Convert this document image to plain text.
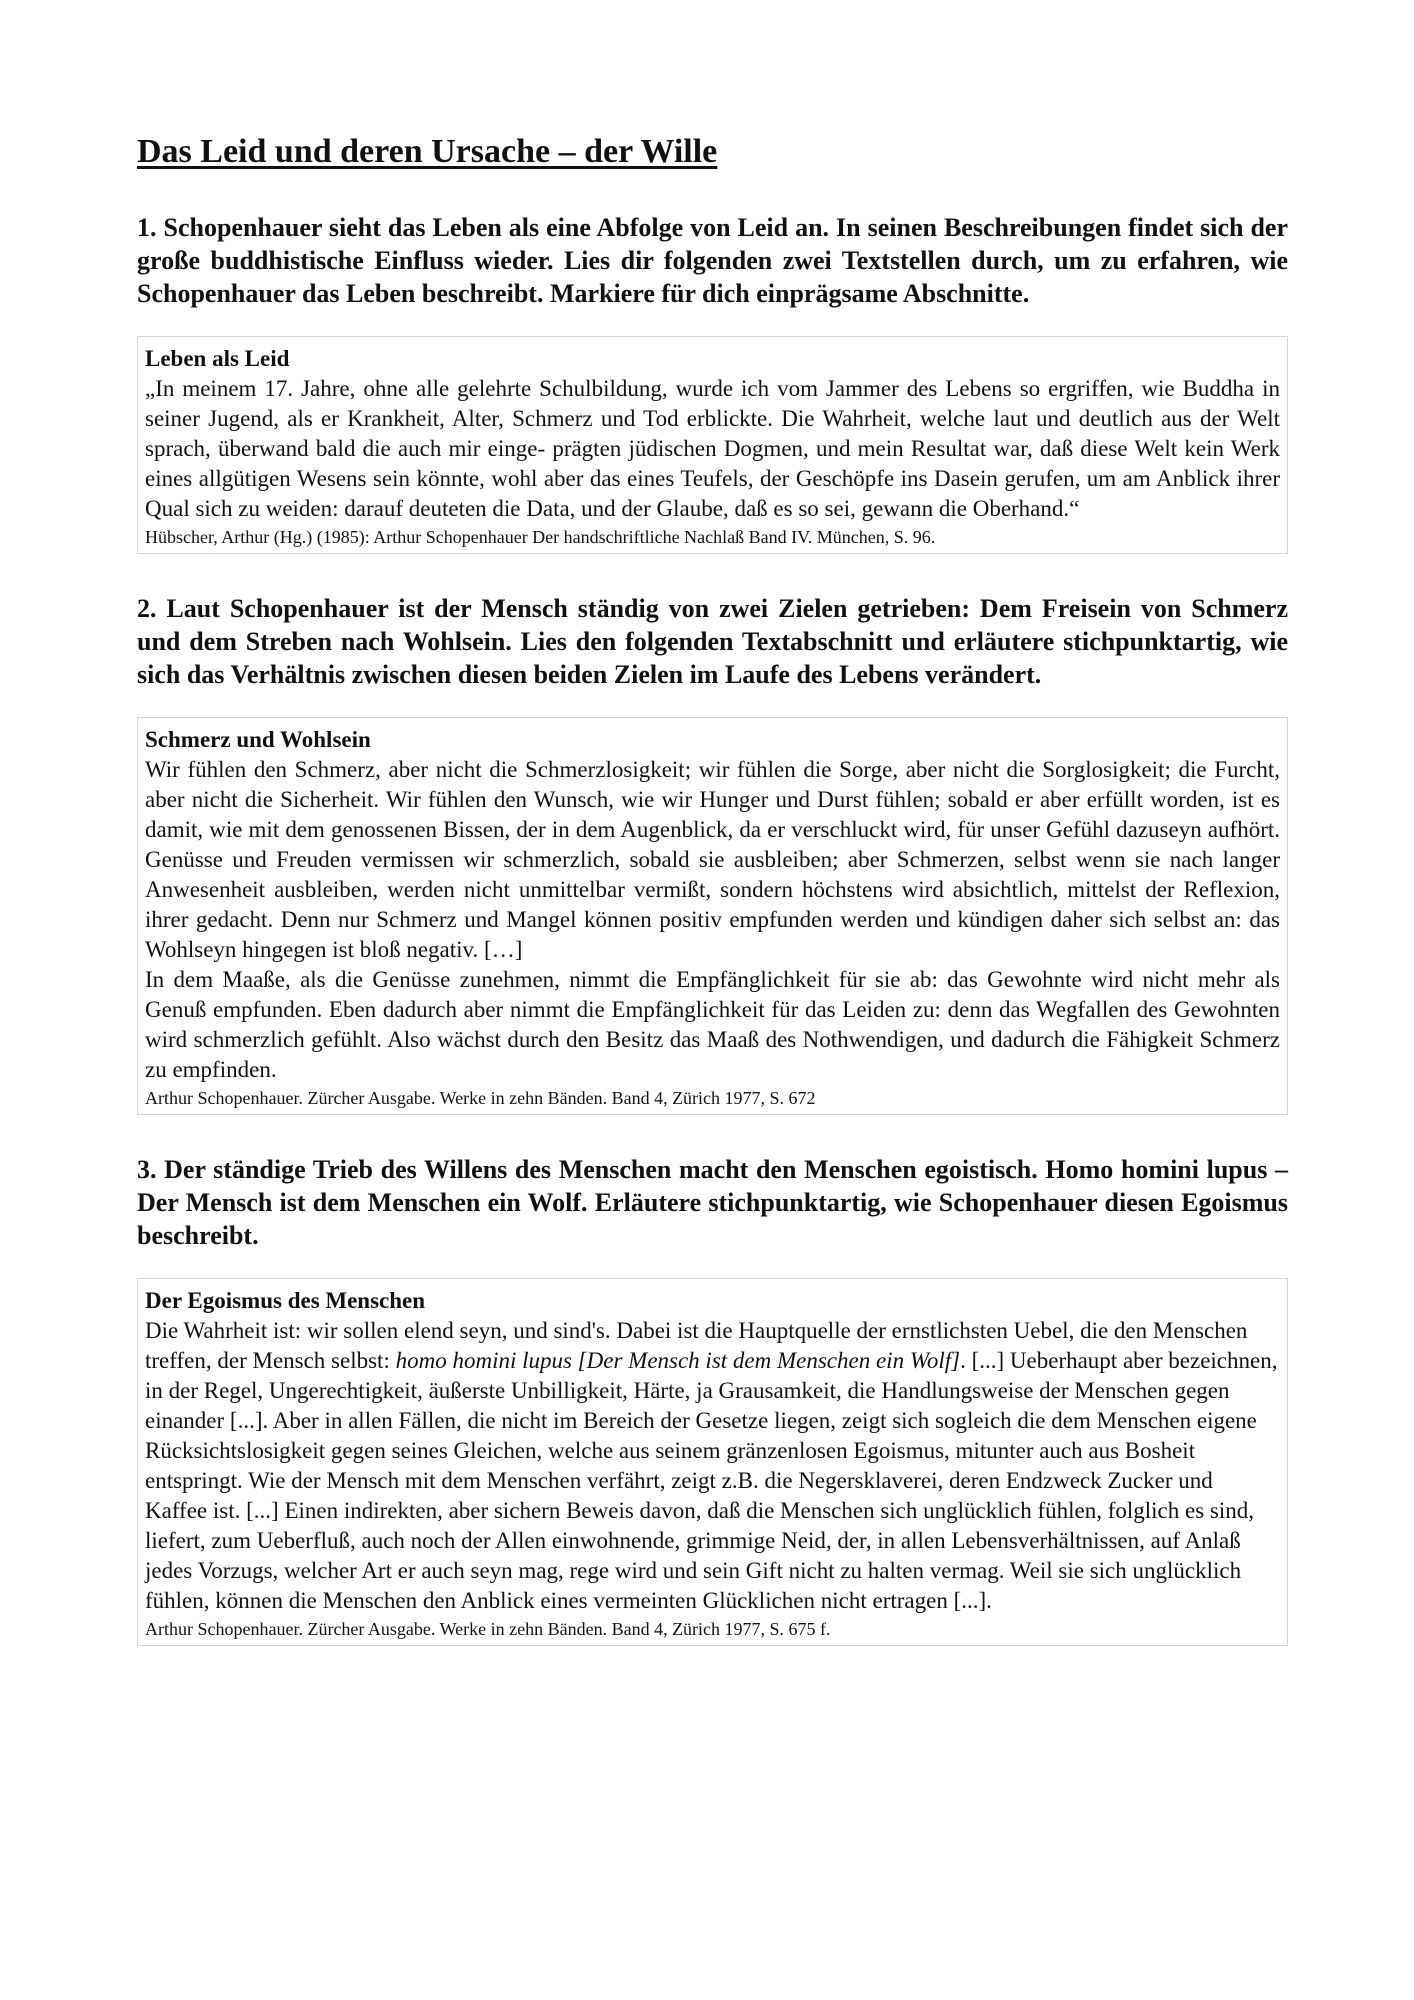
Das Leid und deren Ursache – der Wille
1. Schopenhauer sieht das Leben als eine Abfolge von Leid an. In seinen Beschreibungen findet sich der große buddhistische Einfluss wieder. Lies dir folgenden zwei Textstellen durch, um zu erfahren, wie Schopenhauer das Leben beschreibt. Markiere für dich einprägsame Abschnitte.
Leben als Leid

„In meinem 17. Jahre, ohne alle gelehrte Schulbildung, wurde ich vom Jammer des Lebens so ergriffen, wie Buddha in seiner Jugend, als er Krankheit, Alter, Schmerz und Tod erblickte. Die Wahrheit, welche laut und deutlich aus der Welt sprach, überwand bald die auch mir einge- prägten jüdischen Dogmen, und mein Resultat war, daß diese Welt kein Werk eines allgütigen Wesens sein könnte, wohl aber das eines Teufels, der Geschöpfe ins Dasein gerufen, um am Anblick ihrer Qual sich zu weiden: darauf deuteten die Data, und der Glaube, daß es so sei, gewann die Oberhand.“

Hübscher, Arthur (Hg.) (1985): Arthur Schopenhauer Der handschriftliche Nachlaß Band IV. München, S. 96.
2. Laut Schopenhauer ist der Mensch ständig von zwei Zielen getrieben: Dem Freisein von Schmerz und dem Streben nach Wohlsein. Lies den folgenden Textabschnitt und erläutere stichpunktartig, wie sich das Verhältnis zwischen diesen beiden Zielen im Laufe des Lebens verändert.
Schmerz und Wohlsein

Wir fühlen den Schmerz, aber nicht die Schmerzlosigkeit; wir fühlen die Sorge, aber nicht die Sorglosigkeit; die Furcht, aber nicht die Sicherheit. Wir fühlen den Wunsch, wie wir Hunger und Durst fühlen; sobald er aber erfüllt worden, ist es damit, wie mit dem genossenen Bissen, der in dem Augenblick, da er verschluckt wird, für unser Gefühl dazuseyn aufhört. Genüsse und Freuden vermissen wir schmerzlich, sobald sie ausbleiben; aber Schmerzen, selbst wenn sie nach langer Anwesenheit ausbleiben, werden nicht unmittelbar vermißt, sondern höchstens wird absichtlich, mittelst der Reflexion, ihrer gedacht. Denn nur Schmerz und Mangel können positiv empfunden werden und kündigen daher sich selbst an: das Wohlseyn hingegen ist bloß negativ. […]

In dem Maaße, als die Genüsse zunehmen, nimmt die Empfänglichkeit für sie ab: das Gewohnte wird nicht mehr als Genuß empfunden. Eben dadurch aber nimmt die Empfänglichkeit für das Leiden zu: denn das Wegfallen des Gewohnten wird schmerzlich gefühlt. Also wächst durch den Besitz das Maaß des Nothwendigen, und dadurch die Fähigkeit Schmerz zu empfinden.

Arthur Schopenhauer. Zürcher Ausgabe. Werke in zehn Bänden. Band 4, Zürich 1977, S. 672
3. Der ständige Trieb des Willens des Menschen macht den Menschen egoistisch. Homo homini lupus – Der Mensch ist dem Menschen ein Wolf. Erläutere stichpunktartig, wie Schopenhauer diesen Egoismus beschreibt.
Der Egoismus des Menschen

Die Wahrheit ist: wir sollen elend seyn, und sind's. Dabei ist die Hauptquelle der ernstlichsten Uebel, die den Menschen treffen, der Mensch selbst: homo homini lupus [Der Mensch ist dem Menschen ein Wolf]. [...] Ueberhaupt aber bezeichnen, in der Regel, Ungerechtigkeit, äußerste Unbilligkeit, Härte, ja Grausamkeit, die Handlungsweise der Menschen gegen einander [...]. Aber in allen Fällen, die nicht im Bereich der Gesetze liegen, zeigt sich sogleich die dem Menschen eigene Rücksichtslosigkeit gegen seines Gleichen, welche aus seinem gränzenlosen Egoismus, mitunter auch aus Bosheit entspringt. Wie der Mensch mit dem Menschen verfährt, zeigt z.B. die Negersklaverei, deren Endzweck Zucker und Kaffee ist. [...] Einen indirekten, aber sichern Beweis davon, daß die Menschen sich unglücklich fühlen, folglich es sind, liefert, zum Ueberfluß, auch noch der Allen einwohnende, grimmige Neid, der, in allen Lebensverhältnissen, auf Anlaß jedes Vorzugs, welcher Art er auch seyn mag, rege wird und sein Gift nicht zu halten vermag. Weil sie sich unglücklich fühlen, können die Menschen den Anblick eines vermeinten Glücklichen nicht ertragen [...].

Arthur Schopenhauer. Zürcher Ausgabe. Werke in zehn Bänden. Band 4, Zürich 1977, S. 675 f.
